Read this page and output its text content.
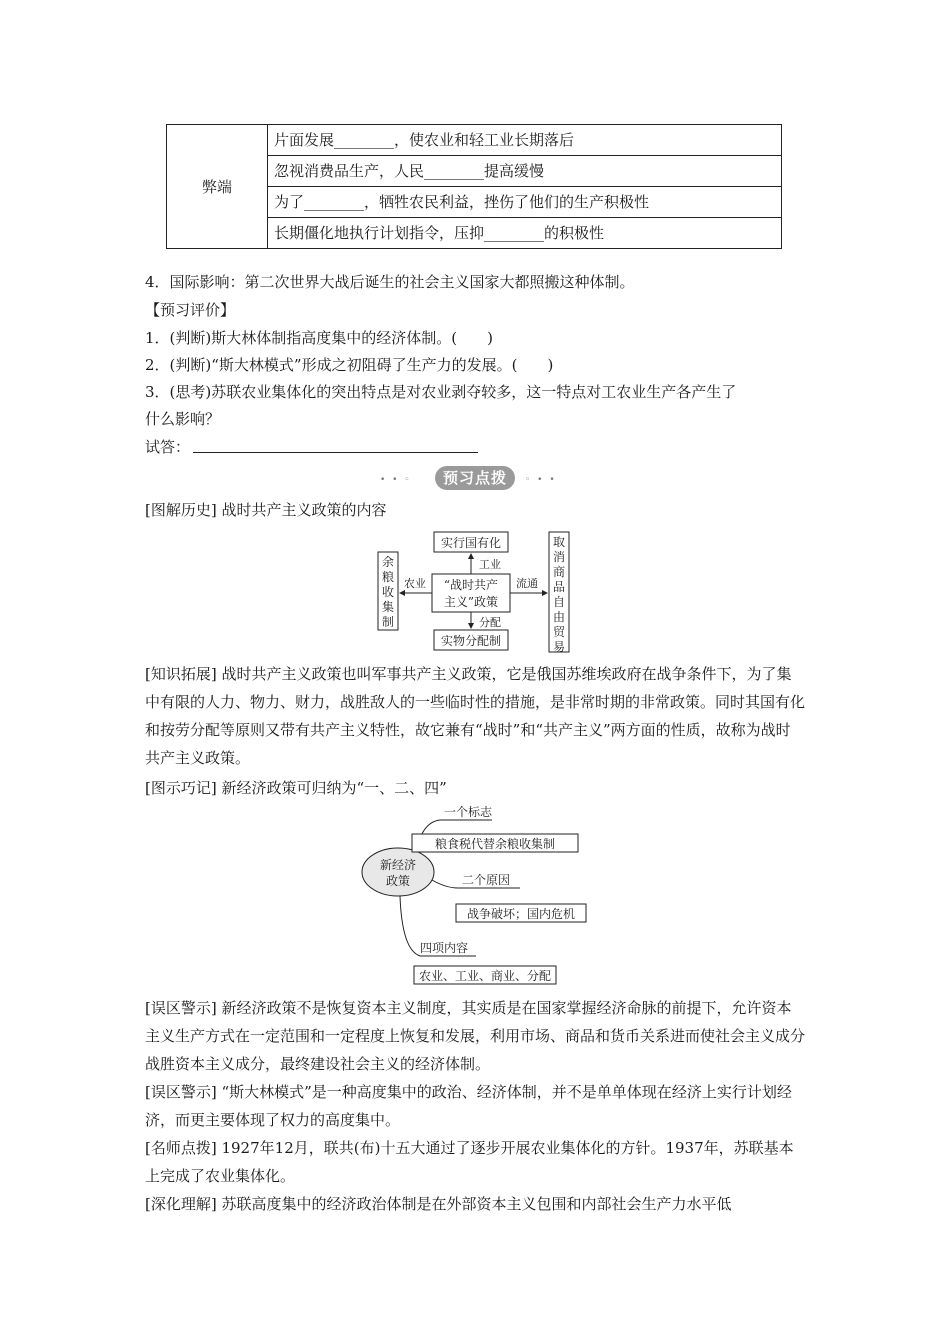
弊端	片面发展________，使农业和轻工业长期落后
忽视消费品生产，人民________提高缓慢
为了________，牺牲农民利益，挫伤了他们的生产积极性
长期僵化地执行计划指令，压抑________的积极性
4．国际影响：第二次世界大战后诞生的社会主义国家大都照搬这种体制。
【预习评价】
1．(判断)斯大林体制指高度集中的经济体制。(　　)
2．(判断)“斯大林模式”形成之初阻碍了生产力的发展。(　　)
3．(思考)苏联农业集体化的突出特点是对农业剥夺较多，这一特点对工农业生产各产生了
什么影响？
试答：
• • ◦	预习点拨	◦ • •
[图解历史] 战时共产主义政策的内容
“战时共产
主义”政策
实行国有化
工业
实物分配制
分配
余
粮
收
集
制
农业
取
消
商
品
自
由
贸
易
流通
[知识拓展] 战时共产主义政策也叫军事共产主义政策，它是俄国苏维埃政府在战争条件下，为了集中有限的人力、物力、财力，战胜敌人的一些临时性的措施，是非常时期的非常政策。同时其国有化和按劳分配等原则又带有共产主义特性，故它兼有“战时”和“共产主义”两方面的性质，故称为战时共产主义政策。
[图示巧记] 新经济政策可归纳为“一、二、四”
新经济
政策
一个标志
粮食税代替余粮收集制
二个原因
战争破坏；国内危机
四项内容
农业、工业、商业、分配
[误区警示] 新经济政策不是恢复资本主义制度，其实质是在国家掌握经济命脉的前提下，允许资本主义生产方式在一定范围和一定程度上恢复和发展，利用市场、商品和货币关系进而使社会主义成分战胜资本主义成分，最终建设社会主义的经济体制。
[误区警示] “斯大林模式”是一种高度集中的政治、经济体制，并不是单单体现在经济上实行计划经济，而更主要体现了权力的高度集中。
[名师点拨] 1927年12月，联共(布)十五大通过了逐步开展农业集体化的方针。1937年，苏联基本上完成了农业集体化。
[深化理解] 苏联高度集中的经济政治体制是在外部资本主义包围和内部社会生产力水平低
